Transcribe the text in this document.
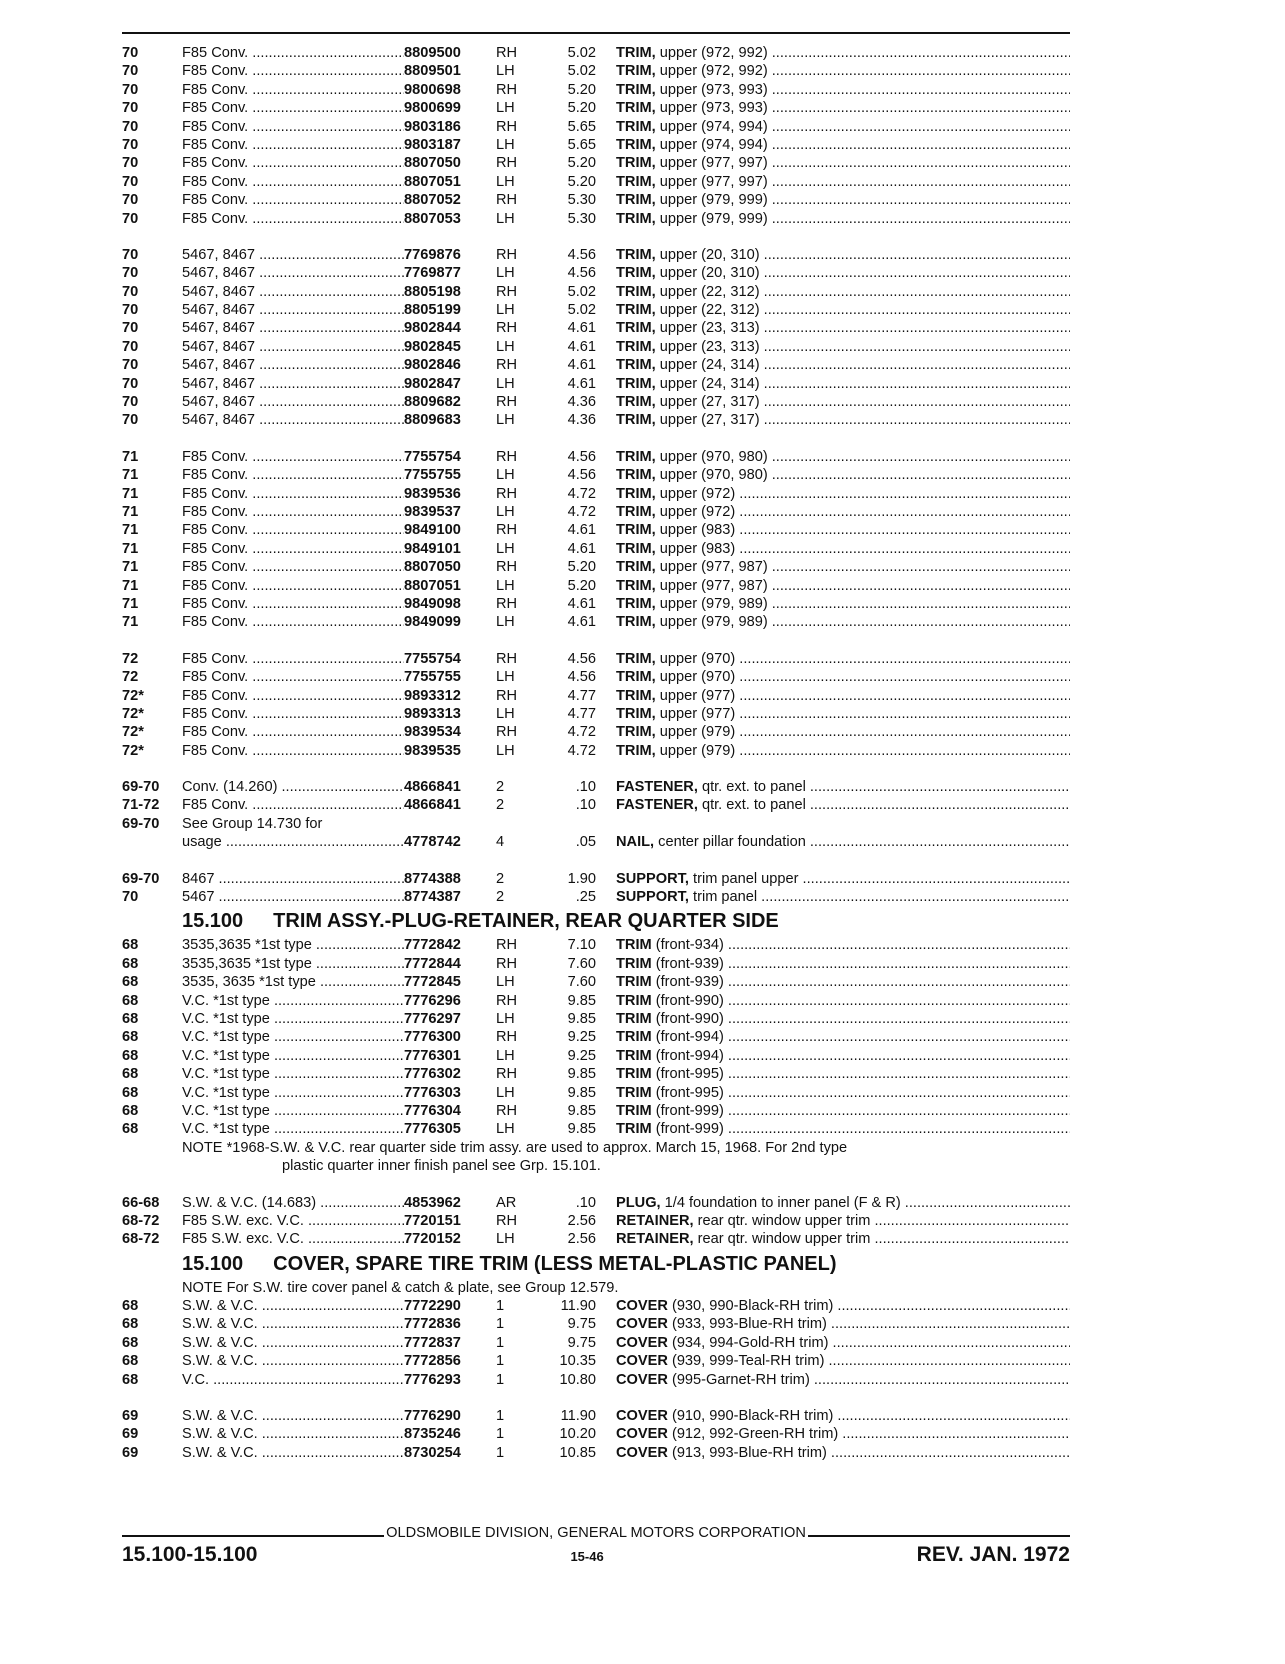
70	F85 Conv. .....	8809500	RH	5.02	TRIM, upper (972, 992) .....
70	F85 Conv. .....	8809501	LH	5.02	TRIM, upper (972, 992) .....
70	F85 Conv. .....	9800698	RH	5.20	TRIM, upper (973, 993) .....
70	F85 Conv. .....	9800699	LH	5.20	TRIM, upper (973, 993) .....
70	F85 Conv. .....	9803186	RH	5.65	TRIM, upper (974, 994) .....
70	F85 Conv. .....	9803187	LH	5.65	TRIM, upper (974, 994) .....
70	F85 Conv. .....	8807050	RH	5.20	TRIM, upper (977, 997) .....
70	F85 Conv. .....	8807051	LH	5.20	TRIM, upper (977, 997) .....
70	F85 Conv. .....	8807052	RH	5.30	TRIM, upper (979, 999) .....
70	F85 Conv. .....	8807053	LH	5.30	TRIM, upper (979, 999) .....
70	5467, 8467 .....	7769876	RH	4.56	TRIM, upper (20, 310) .....
70	5467, 8467 .....	7769877	LH	4.56	TRIM, upper (20, 310) .....
70	5467, 8467 .....	8805198	RH	5.02	TRIM, upper (22, 312) .....
70	5467, 8467 .....	8805199	LH	5.02	TRIM, upper (22, 312) .....
70	5467, 8467 .....	9802844	RH	4.61	TRIM, upper (23, 313) .....
70	5467, 8467 .....	9802845	LH	4.61	TRIM, upper (23, 313) .....
70	5467, 8467 .....	9802846	RH	4.61	TRIM, upper (24, 314) .....
70	5467, 8467 .....	9802847	LH	4.61	TRIM, upper (24, 314) .....
70	5467, 8467 .....	8809682	RH	4.36	TRIM, upper (27, 317) .....
70	5467, 8467 .....	8809683	LH	4.36	TRIM, upper (27, 317) .....
71	F85 Conv. .....	7755754	RH	4.56	TRIM, upper (970, 980) .....
71	F85 Conv. .....	7755755	LH	4.56	TRIM, upper (970, 980) .....
71	F85 Conv. .....	9839536	RH	4.72	TRIM, upper (972) .....
71	F85 Conv. .....	9839537	LH	4.72	TRIM, upper (972) .....
71	F85 Conv. .....	9849100	RH	4.61	TRIM, upper (983) .....
71	F85 Conv. .....	9849101	LH	4.61	TRIM, upper (983) .....
71	F85 Conv. .....	8807050	RH	5.20	TRIM, upper (977, 987) .....
71	F85 Conv. .....	8807051	LH	5.20	TRIM, upper (977, 987) .....
71	F85 Conv. .....	9849098	RH	4.61	TRIM, upper (979, 989) .....
71	F85 Conv. .....	9849099	LH	4.61	TRIM, upper (979, 989) .....
72	F85 Conv. .....	7755754	RH	4.56	TRIM, upper (970) .....
72	F85 Conv. .....	7755755	LH	4.56	TRIM, upper (970) .....
72*	F85 Conv. .....	9893312	RH	4.77	TRIM, upper (977) .....
72*	F85 Conv. .....	9893313	LH	4.77	TRIM, upper (977) .....
72*	F85 Conv. .....	9839534	RH	4.72	TRIM, upper (979) .....
72*	F85 Conv. .....	9839535	LH	4.72	TRIM, upper (979) .....
69-70	Conv. (14.260) .....	4866841	2	.10	FASTENER, qtr. ext. to panel .....
71-72	F85 Conv. .....	4866841	2	.10	FASTENER, qtr. ext. to panel .....
69-70	See Group 14.730 for
usage .....	4778742	4	.05	NAIL, center pillar foundation .....
69-70	8467 .....	8774388	2	1.90	SUPPORT, trim panel upper .....
70	5467 .....	8774387	2	.25	SUPPORT, trim panel .....
15.100 TRIM ASSY.-PLUG-RETAINER, REAR QUARTER SIDE
68	3535,3635 *1st type .....	7772842	RH	7.10	TRIM (front-934) .....
68	3535,3635 *1st type .....	7772844	RH	7.60	TRIM (front-939) .....
68	3535, 3635 *1st type .....	7772845	LH	7.60	TRIM (front-939) .....
68	V.C. *1st type .....	7776296	RH	9.85	TRIM (front-990) .....
68	V.C. *1st type .....	7776297	LH	9.85	TRIM (front-990) .....
68	V.C. *1st type .....	7776300	RH	9.25	TRIM (front-994) .....
68	V.C. *1st type .....	7776301	LH	9.25	TRIM (front-994) .....
68	V.C. *1st type .....	7776302	RH	9.85	TRIM (front-995) .....
68	V.C. *1st type .....	7776303	LH	9.85	TRIM (front-995) .....
68	V.C. *1st type .....	7776304	RH	9.85	TRIM (front-999) .....
68	V.C. *1st type .....	7776305	LH	9.85	TRIM (front-999) .....
NOTE *1968-S.W. & V.C. rear quarter side trim assy. are used to approx. March 15, 1968. For 2nd type
plastic quarter inner finish panel see Grp. 15.101.
66-68	S.W. & V.C. (14.683) .....	4853962	AR	.10	PLUG, 1/4 foundation to inner panel (F & R) .....
68-72	F85 S.W. exc. V.C. .....	7720151	RH	2.56	RETAINER, rear qtr. window upper trim .....
68-72	F85 S.W. exc. V.C. .....	7720152	LH	2.56	RETAINER, rear qtr. window upper trim .....
15.100 COVER, SPARE TIRE TRIM (LESS METAL-PLASTIC PANEL)
NOTE For S.W. tire cover panel & catch & plate, see Group 12.579.
68	S.W. & V.C. .....	7772290	1	11.90	COVER (930, 990-Black-RH trim) .....
68	S.W. & V.C. .....	7772836	1	9.75	COVER (933, 993-Blue-RH trim) .....
68	S.W. & V.C. .....	7772837	1	9.75	COVER (934, 994-Gold-RH trim) .....
68	S.W. & V.C. .....	7772856	1	10.35	COVER (939, 999-Teal-RH trim) .....
68	V.C. .....	7776293	1	10.80	COVER (995-Garnet-RH trim) .....
69	S.W. & V.C. .....	7776290	1	11.90	COVER (910, 990-Black-RH trim) .....
69	S.W. & V.C. .....	8735246	1	10.20	COVER (912, 992-Green-RH trim) .....
69	S.W. & V.C. .....	8730254	1	10.85	COVER (913, 993-Blue-RH trim) .....
OLDSMOBILE DIVISION, GENERAL MOTORS CORPORATION
15.100-15.100	15-46	REV. JAN. 1972
